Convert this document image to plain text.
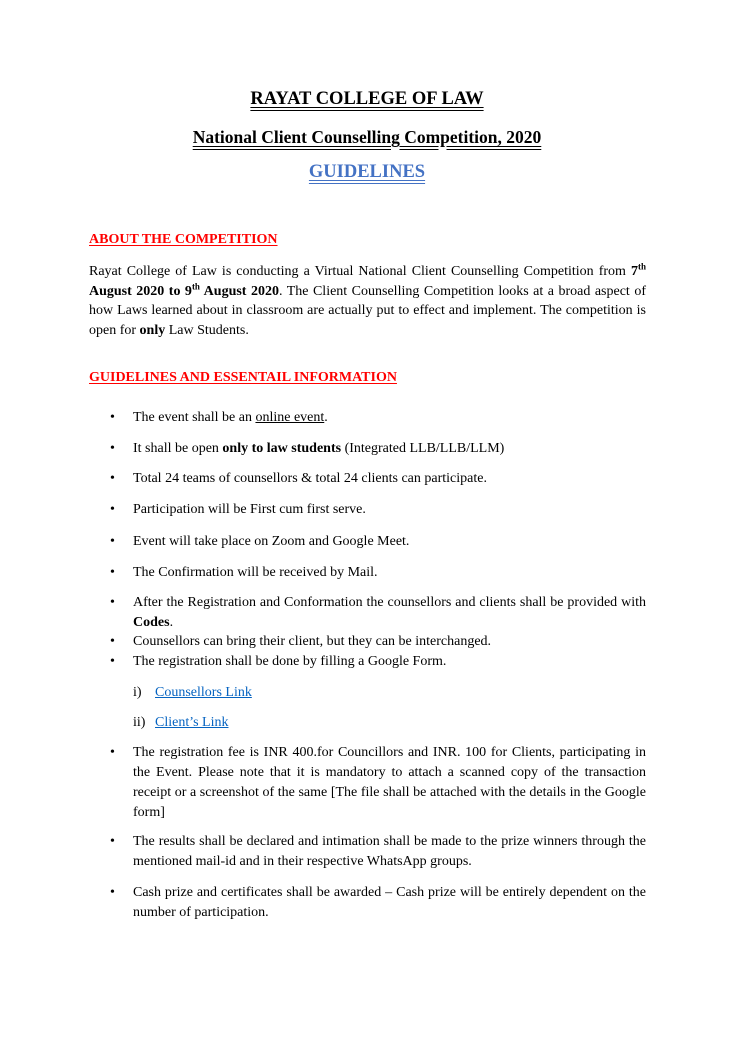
RAYAT COLLEGE OF LAW
National Client Counselling Competition, 2020
GUIDELINES
ABOUT THE COMPETITION
Rayat College of Law is conducting a Virtual National Client Counselling Competition from 7th August 2020 to 9th August 2020. The Client Counselling Competition looks at a broad aspect of how Laws learned about in classroom are actually put to effect and implement. The competition is open for only Law Students.
GUIDELINES AND ESSENTAIL INFORMATION
•	The event shall be an online event.
•	It shall be open only to law students (Integrated LLB/LLB/LLM)
•	Total 24 teams of counsellors & total 24 clients can participate.
•	Participation will be First cum first serve.
•	Event will take place on Zoom and Google Meet.
•	The Confirmation will be received by Mail.
•	After the Registration and Conformation the counsellors and clients shall be provided with Codes.
•	Counsellors can bring their client, but they can be interchanged.
•	The registration shall be done by filling a Google Form.
i) Counsellors Link
ii) Client’s Link
•	The registration fee is INR 400.for Councillors and INR. 100 for Clients, participating in the Event. Please note that it is mandatory to attach a scanned copy of the transaction receipt or a screenshot of the same [The file shall be attached with the details in the Google form]
•	The results shall be declared and intimation shall be made to the prize winners through the mentioned mail-id and in their respective WhatsApp groups.
•	Cash prize and certificates shall be awarded – Cash prize will be entirely dependent on the number of participation.
